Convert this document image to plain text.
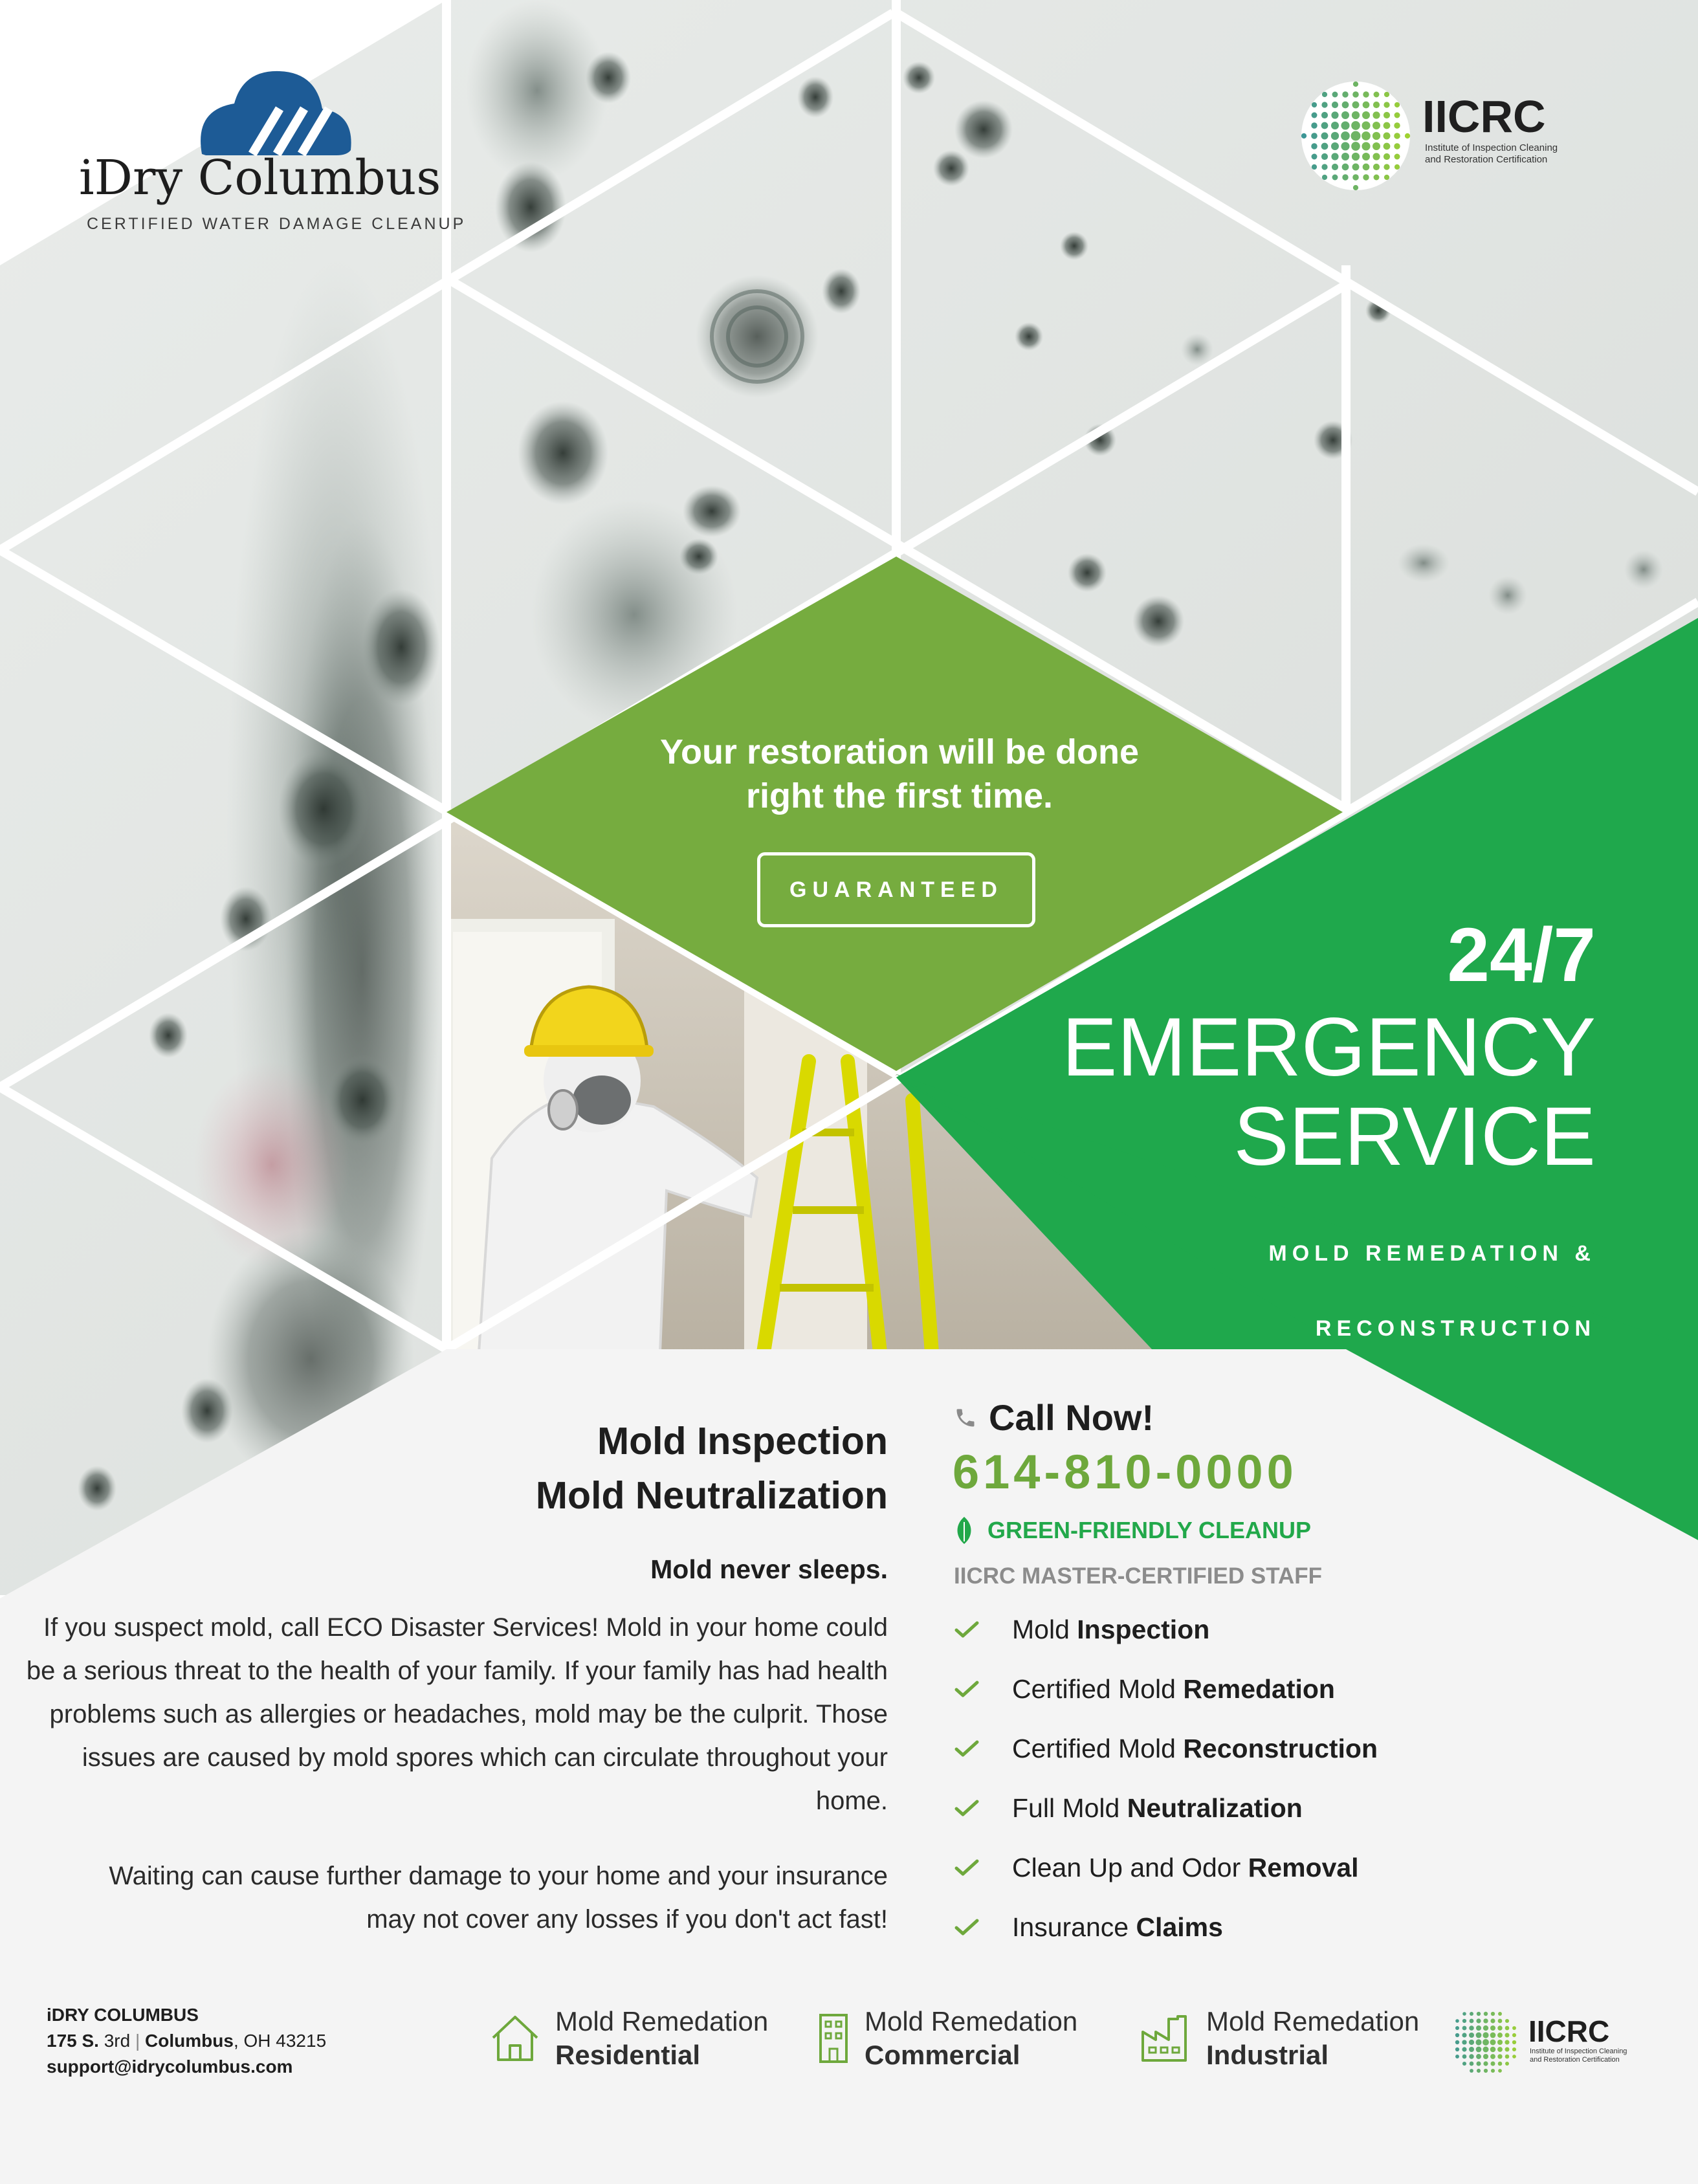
iDry Columbus
CERTIFIED WATER DAMAGE CLEANUP
IICRC
Institute of Inspection Cleaning
and Restoration Certification
Your restoration will be done
right the first time.
GUARANTEED
24/7
EMERGENCY
SERVICE

MOLD REMEDATION &

RECONSTRUCTION

Mold Inspection
Mold Neutralization
Mold never sleeps.
If you suspect mold, call ECO Disaster Services! Mold in your home could be a serious threat to the health of your family. If your family has had health problems such as allergies or headaches, mold may be the culprit. Those issues are caused by mold spores which can circulate throughout your home.
Waiting can cause further damage to your home and your insurance may not cover any losses if you don't act fast!
Call Now!
614-810-0000
GREEN-FRIENDLY CLEANUP
IICRC MASTER-CERTIFIED STAFF
Mold Inspection
Certified Mold Remedation
Certified Mold Reconstruction
Full Mold Neutralization
Clean Up and Odor Removal
Insurance Claims
iDRY COLUMBUS
175 S. 3rd | Columbus, OH 43215
support@idrycolumbus.com
Mold Remedation
Residential
Mold Remedation
Commercial
Mold Remedation
Industrial
IICRC
Institute of Inspection Cleaning
and Restoration Certification
